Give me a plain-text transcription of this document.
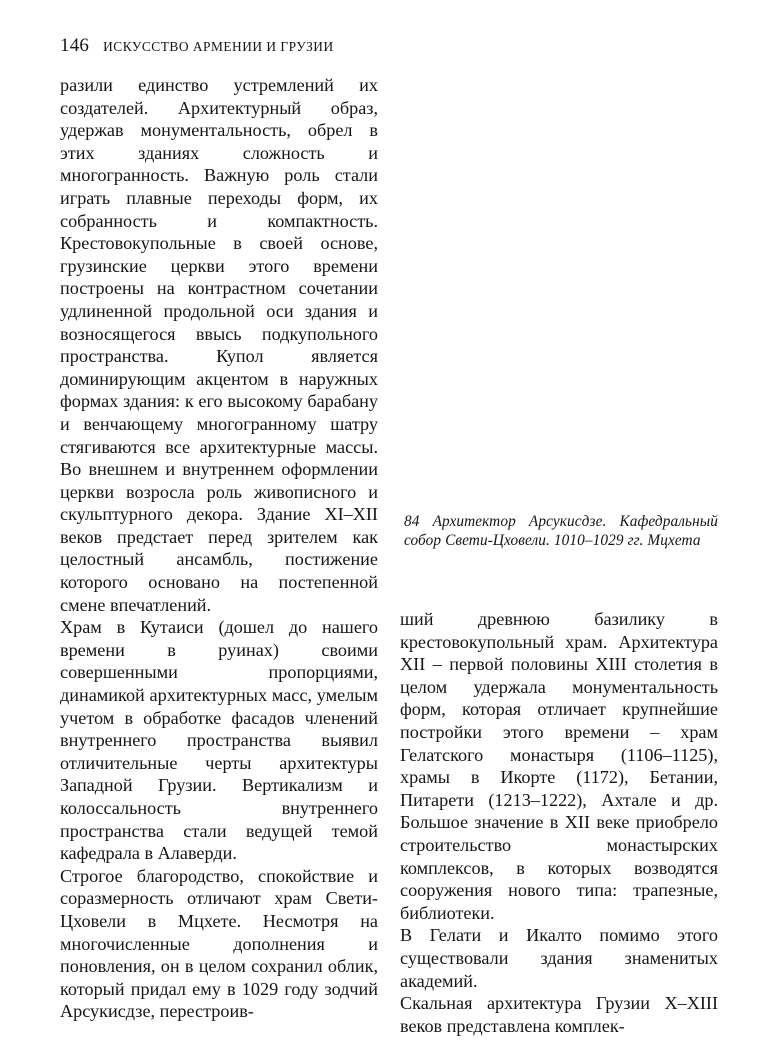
146 ИСКУССТВО АРМЕНИИ И ГРУЗИИ

разили единство устремлений их создателей. Архитектурный образ, удержав монументальность, обрел в этих зданиях сложность и многогранность. Важную роль стали играть плавные переходы форм, их собранность и компактность. Крестовокупольные в своей основе, грузинские церкви этого времени построены на контрастном сочетании удлиненной продольной оси здания и возносящегося ввысь подкупольного пространства. Купол является доминирующим акцентом в наружных формах здания: к его высокому барабану и венчающему многогранному шатру стягиваются все архитектурные массы. Во внешнем и внутреннем оформлении церкви возросла роль живописного и скульптурного декора. Здание XI–XII веков предстает перед зрителем как целостный ансамбль, постижение которого основано на постепенной смене впечатлений.

Храм в Кутаиси (дошел до нашего времени в руинах) своими совершенными пропорциями, динамикой архитектурных масс, умелым учетом в обработке фасадов членений внутреннего пространства выявил отличительные черты архитектуры Западной Грузии. Вертикализм и колоссальность внутреннего пространства стали ведущей темой кафедрала в Алаверди.

Строгое благородство, спокойствие и соразмерность отличают храм Свети-Цховели в Мцхете. Несмотря на многочисленные дополнения и поновления, он в целом сохранил облик, который придал ему в 1029 году зодчий Арсукисдзе, перестроив-

84 Архитектор Арсукисдзе. Кафедральный собор Свети-Цховели. 1010–1029 гг. Мцхета

ший древнюю базилику в крестовокупольный храм. Архитектура XII – первой половины XIII столетия в целом удержала монументальность форм, которая отличает крупнейшие постройки этого времени – храм Гелатского монастыря (1106–1125), храмы в Икорте (1172), Бетании, Питарети (1213–1222), Ахтале и др. Большое значение в XII веке приобрело строительство монастырских комплексов, в которых возводятся сооружения нового типа: трапезные, библиотеки.

В Гелати и Икалто помимо этого существовали здания знаменитых академий.

Скальная архитектура Грузии X–XIII веков представлена комплек-
